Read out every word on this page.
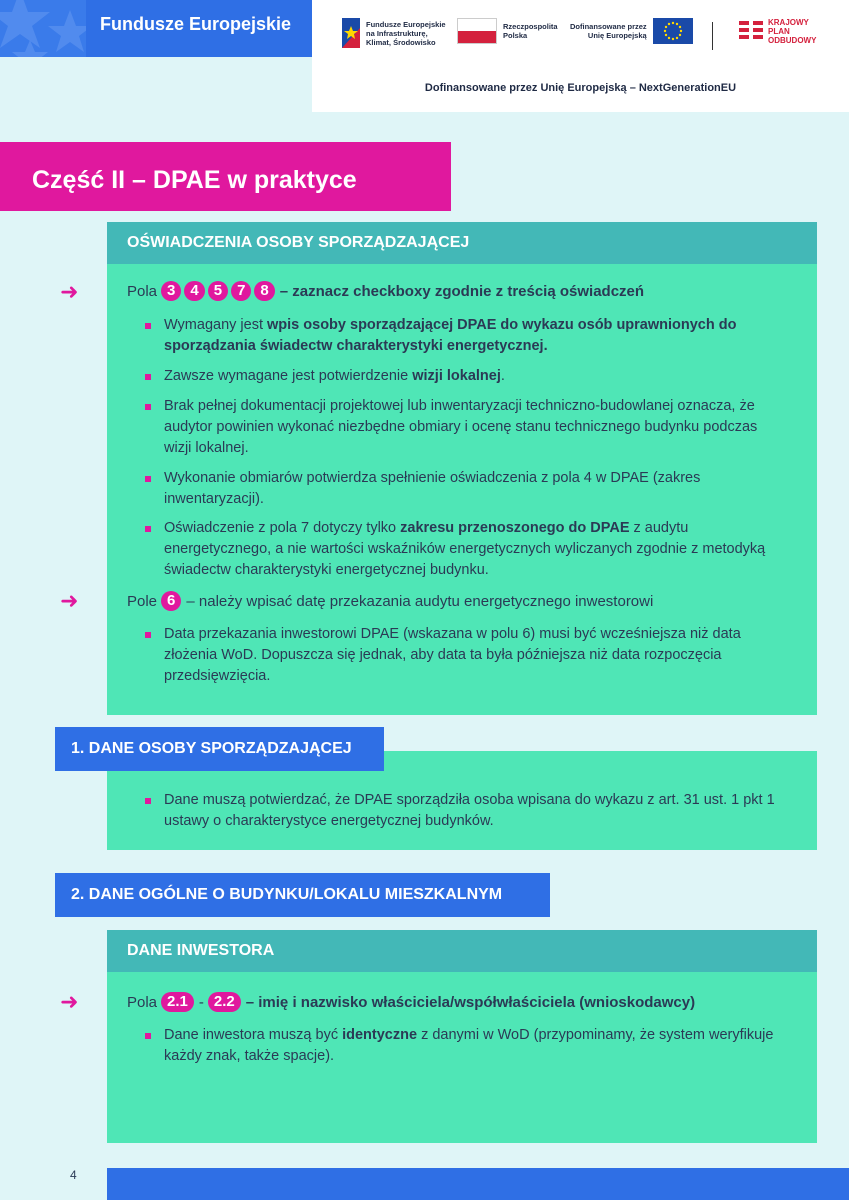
Fundusze Europejskie	Fundusze Europejskie
na Infrastrukturę,
Klimat, Środowisko
Rzeczpospolita
Polska
Dofinansowane przez
Unię Europejską
KRAJOWY
PLAN
ODBUDOWY
Dofinansowane przez Unię Europejską – NextGenerationEU
Część II – DPAE w praktyce
OŚWIADCZENIA OSOBY SPORZĄDZAJĄCEJ
➜	Pola 3	4	5	7	8 – zaznacz checkboxy zgodnie z treścią oświadczeń
Wymagany jest wpis osoby sporządzającej DPAE do wykazu osób uprawnionych do sporządzania świadectw charakterystyki energetycznej.
Zawsze wymagane jest potwierdzenie wizji lokalnej.
Brak pełnej dokumentacji projektowej lub inwentaryzacji techniczno-budowlanej oznacza, że audytor powinien wykonać niezbędne obmiary i ocenę stanu technicznego budynku podczas wizji lokalnej.
Wykonanie obmiarów potwierdza spełnienie oświadczenia z pola 4 w DPAE (zakres inwentaryzacji).
Oświadczenie z pola 7 dotyczy tylko zakresu przenoszonego do DPAE z audytu energetycznego, a nie wartości wskaźników energetycznych wyliczanych zgodnie z metodyką świadectw charakterystyki energetycznej budynku.
➜	Pole 6 – należy wpisać datę przekazania audytu energetycznego inwestorowi
Data przekazania inwestorowi DPAE (wskazana w polu 6) musi być wcześniejsza niż data złożenia WoD. Dopuszcza się jednak, aby data ta była późniejsza niż data rozpoczęcia przedsięwzięcia.
1. DANE OSOBY SPORZĄDZAJĄCEJ
Dane muszą potwierdzać, że DPAE sporządziła osoba wpisana do wykazu z art. 31 ust. 1 pkt 1 ustawy o charakterystyce energetycznej budynków.
2. DANE OGÓLNE O BUDYNKU/LOKALU MIESZKALNYM
DANE INWESTORA
➜	Pola 2.1 - 2.2 – imię i nazwisko właściciela/współwłaściciela (wnioskodawcy)
Dane inwestora muszą być identyczne z danymi w WoD (przypominamy, że system weryfikuje każdy znak, także spacje).
4
